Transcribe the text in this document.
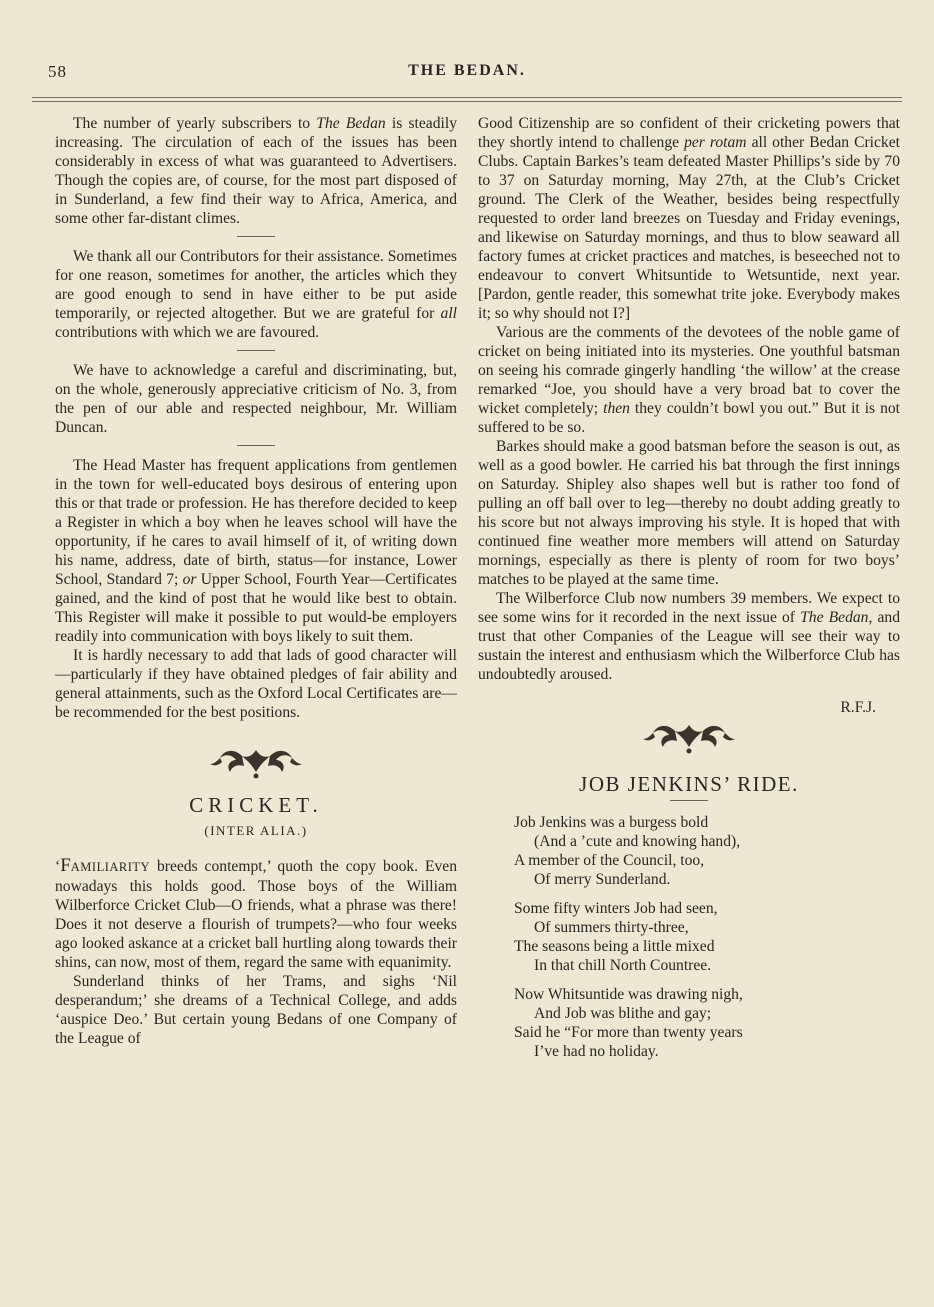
58	THE BEDAN.

The number of yearly subscribers to The Bedan is steadily increasing. The circulation of each of the issues has been considerably in excess of what was guaranteed to Advertisers. Though the copies are, of course, for the most part disposed of in Sunderland, a few find their way to Africa, America, and some other far-distant climes.

We thank all our Contributors for their assistance. Sometimes for one reason, sometimes for another, the articles which they are good enough to send in have either to be put aside temporarily, or rejected altogether. But we are grateful for all contributions with which we are favoured.

We have to acknowledge a careful and discriminating, but, on the whole, generously appreciative criticism of No. 3, from the pen of our able and respected neighbour, Mr. William Duncan.

The Head Master has frequent applications from gentlemen in the town for well-educated boys desirous of entering upon this or that trade or profession. He has therefore decided to keep a Register in which a boy when he leaves school will have the opportunity, if he cares to avail himself of it, of writing down his name, address, date of birth, status—for instance, Lower School, Standard 7; or Upper School, Fourth Year—Certificates gained, and the kind of post that he would like best to obtain. This Register will make it possible to put would-be employers readily into communication with boys likely to suit them.

It is hardly necessary to add that lads of good character will—particularly if they have obtained pledges of fair ability and general attainments, such as the Oxford Local Certificates are—be recommended for the best positions.

CRICKET.
(INTER ALIA.)

‘FAMILIARITY breeds contempt,’ quoth the copy book. Even nowadays this holds good. Those boys of the William Wilberforce Cricket Club—O friends, what a phrase was there! Does it not deserve a flourish of trumpets?—who four weeks ago looked askance at a cricket ball hurtling along towards their shins, can now, most of them, regard the same with equanimity.

Sunderland thinks of her Trams, and sighs ‘Nil desperandum;’ she dreams of a Technical College, and adds ‘auspice Deo.’ But certain young Bedans of one Company of the League of

Good Citizenship are so confident of their cricketing powers that they shortly intend to challenge per rotam all other Bedan Cricket Clubs. Captain Barkes’s team defeated Master Phillips’s side by 70 to 37 on Saturday morning, May 27th, at the Club’s Cricket ground. The Clerk of the Weather, besides being respectfully requested to order land breezes on Tuesday and Friday evenings, and likewise on Saturday mornings, and thus to blow seaward all factory fumes at cricket practices and matches, is beseeched not to endeavour to convert Whitsuntide to Wetsuntide, next year. [Pardon, gentle reader, this somewhat trite joke. Everybody makes it; so why should not I?]

Various are the comments of the devotees of the noble game of cricket on being initiated into its mysteries. One youthful batsman on seeing his comrade gingerly handling ‘the willow’ at the crease remarked “Joe, you should have a very broad bat to cover the wicket completely; then they couldn’t bowl you out.” But it is not suffered to be so.

Barkes should make a good batsman before the season is out, as well as a good bowler. He carried his bat through the first innings on Saturday. Shipley also shapes well but is rather too fond of pulling an off ball over to leg—thereby no doubt adding greatly to his score but not always improving his style. It is hoped that with continued fine weather more members will attend on Saturday mornings, especially as there is plenty of room for two boys’ matches to be played at the same time.

The Wilberforce Club now numbers 39 members. We expect to see some wins for it recorded in the next issue of The Bedan, and trust that other Companies of the League will see their way to sustain the interest and enthusiasm which the Wilberforce Club has undoubtedly aroused.

R.F.J.
JOB JENKINS’ RIDE.
Job Jenkins was a burgess bold
(And a ’cute and knowing hand),
A member of the Council, too,
Of merry Sunderland.
Some fifty winters Job had seen,
Of summers thirty-three,
The seasons being a little mixed
In that chill North Countree.
Now Whitsuntide was drawing nigh,
And Job was blithe and gay;
Said he “For more than twenty years
I’ve had no holiday.
